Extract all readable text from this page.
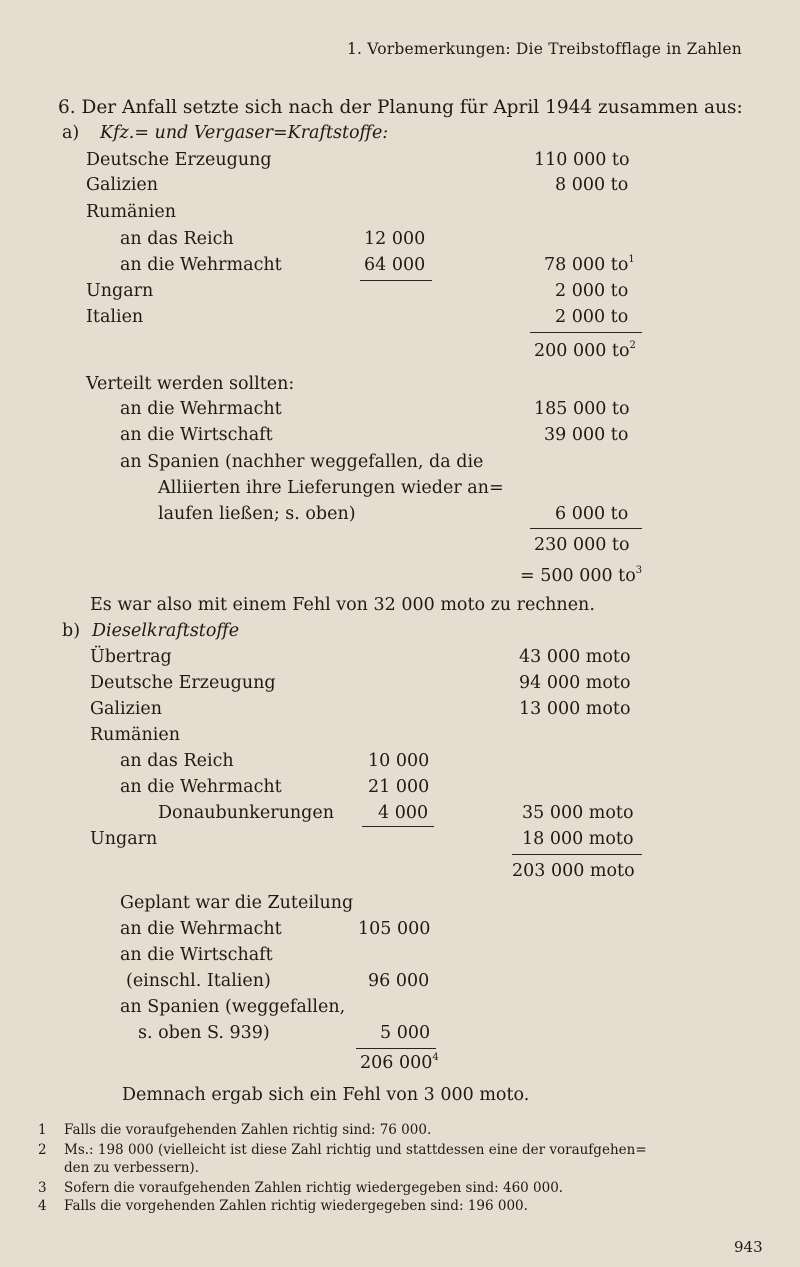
1. Vorbemerkungen: Die Treibstofflage in Zahlen
6. Der Anfall setzte sich nach der Planung für April 1944 zusammen aus:
a) Kfz.= und Vergaser=Kraftstoffe:
Deutsche Erzeugung	110 000 to
Galizien	8 000 to
Rumänien
an das Reich	12 000
an die Wehrmacht	64 000	78 000 $to^1$
Ungarn	2 000 to
Italien	2 000 to
200 000 $to^2$
Verteilt werden sollten:
an die Wehrmacht	185 000 to
an die Wirtschaft	39 000 to
an Spanien (nachher weggefallen, da die
Alliierten ihre Lieferungen wieder an=
laufen ließen; s. oben)	6 000 to
230 000 to
= 500 000 $to^3$
Es war also mit einem Fehl von 32 000 moto zu rechnen.
b) Dieselkraftstoffe
Übertrag	43 000 moto
Deutsche Erzeugung	94 000 moto
Galizien	13 000 moto
Rumänien
an das Reich	10 000
an die Wehrmacht	21 000
Donaubunkerungen	4 000	35 000 moto
Ungarn	18 000 moto
203 000 moto
Geplant war die Zuteilung
an die Wehrmacht	105 000
an die Wirtschaft
(einschl. Italien)	96 000
an Spanien (weggefallen,
s. oben S. 939)	5 000
206 $000^4$
Demnach ergab sich ein Fehl von 3 000 moto.
1 Falls die voraufgehenden Zahlen richtig sind: 76 000.
2 Ms.: 198 000 (vielleicht ist diese Zahl richtig und stattdessen eine der voraufgehen=
den zu verbessern).
3 Sofern die voraufgehenden Zahlen richtig wiedergegeben sind: 460 000.
4 Falls die vorgehenden Zahlen richtig wiedergegeben sind: 196 000.
943
